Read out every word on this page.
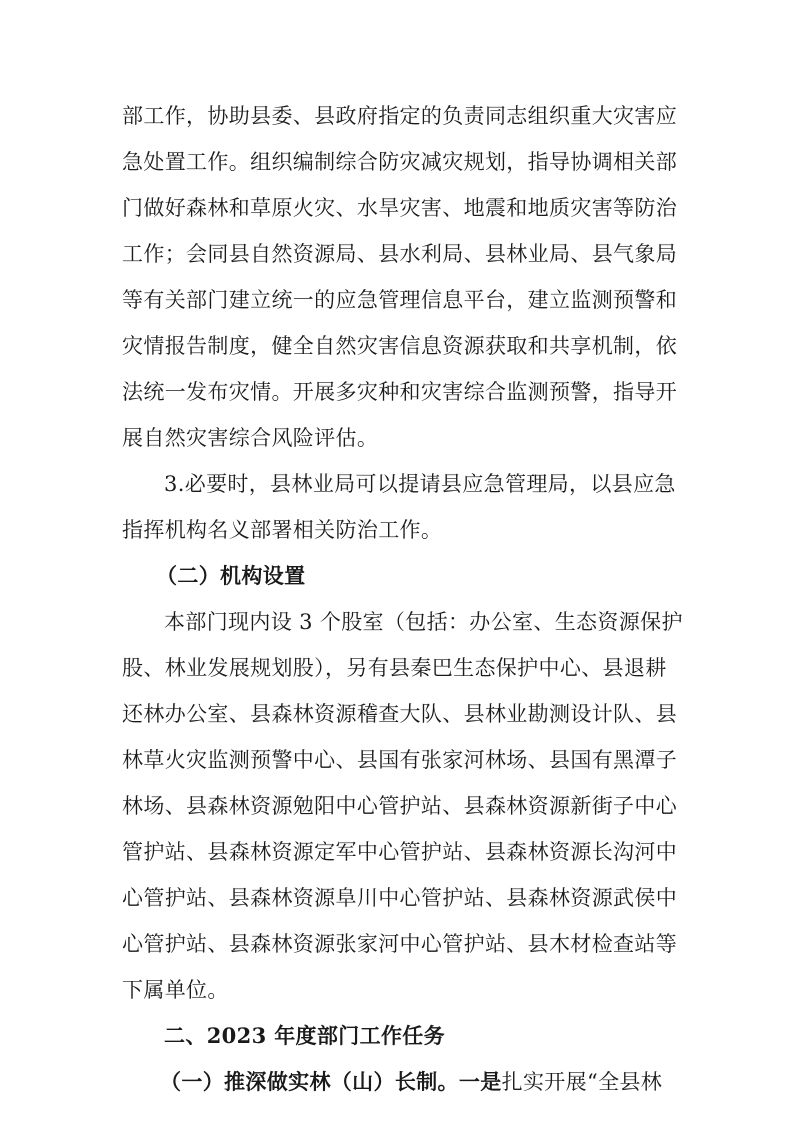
部工作，协助县委、县政府指定的负责同志组织重大灾害应
急处置工作。组织编制综合防灾减灾规划，指导协调相关部
门做好森林和草原火灾、水旱灾害、地震和地质灾害等防治
工作；会同县自然资源局、县水利局、县林业局、县气象局
等有关部门建立统一的应急管理信息平台，建立监测预警和
灾情报告制度，健全自然灾害信息资源获取和共享机制，依
法统一发布灾情。开展多灾种和灾害综合监测预警，指导开
展自然灾害综合风险评估。
3.必要时，县林业局可以提请县应急管理局，以县应急
指挥机构名义部署相关防治工作。
（二）机构设置
本部门现内设 3 个股室（包括：办公室、生态资源保护
股、林业发展规划股），另有县秦巴生态保护中心、县退耕
还林办公室、县森林资源稽查大队、县林业勘测设计队、县
林草火灾监测预警中心、县国有张家河林场、县国有黑潭子
林场、县森林资源勉阳中心管护站、县森林资源新街子中心
管护站、县森林资源定军中心管护站、县森林资源长沟河中
心管护站、县森林资源阜川中心管护站、县森林资源武侯中
心管护站、县森林资源张家河中心管护站、县木材检查站等
下属单位。
二、2023 年度部门工作任务
（一）推深做实林（山）长制。一是扎实开展“全县林
